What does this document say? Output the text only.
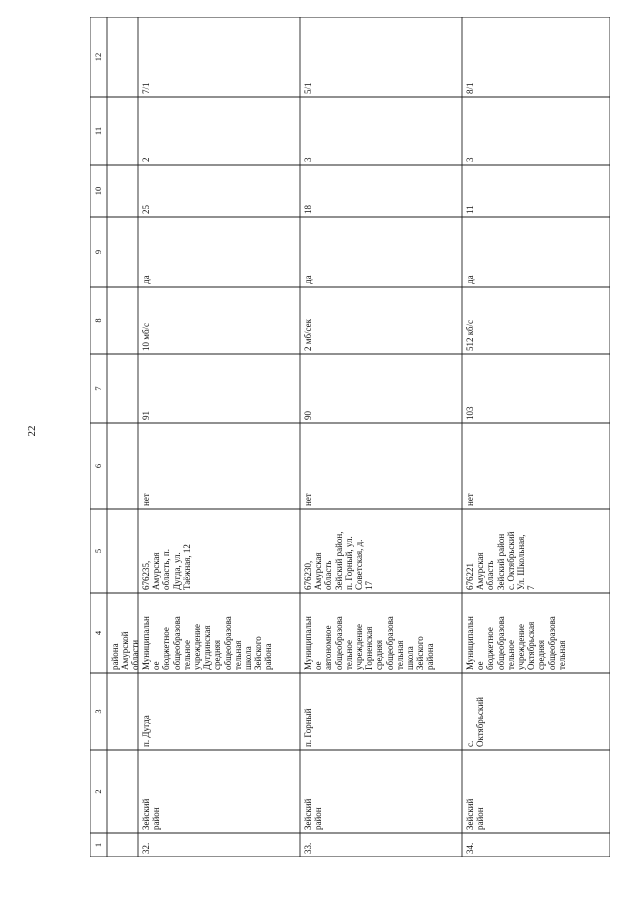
22
1
2
3
4
5
6
7
8
9
10
11
12
района
Амурской
области
32.
Зейский
район
п. Дугда
Муниципальн
ое
бюджетное
общеобразова
тельное
учреждение
Дугдинская
средняя
общеобразова
тельная
школа
Зейского
района
676235,
Амурская
область, п.
Дугда, ул.
Таёжная, 12
нет
91
10 мб/с
да
25
2
7/1
33.
Зейский
район
п. Горный
Муниципальн
ое
автономное
общеобразова
тельное
учреждение
Горненская
средняя
общеобразова
тельная
школа
Зейского
района
676230,
Амурская
область
Зейский район,
п. Горный, ул.
Советская, д.
17
нет
90
2 мб/сек
да
18
3
5/1
34.
Зейский
район
с.
Октябрьский
Муниципальн
ое
бюджетное
общеобразова
тельное
учреждение
Октябрьская
средняя
общеобразова
тельная
676221
Амурская
область
Зейский район
с. Октябрьский
Ул. Школьная,
7
нет
103
512 кб/с
да
11
3
8/1
